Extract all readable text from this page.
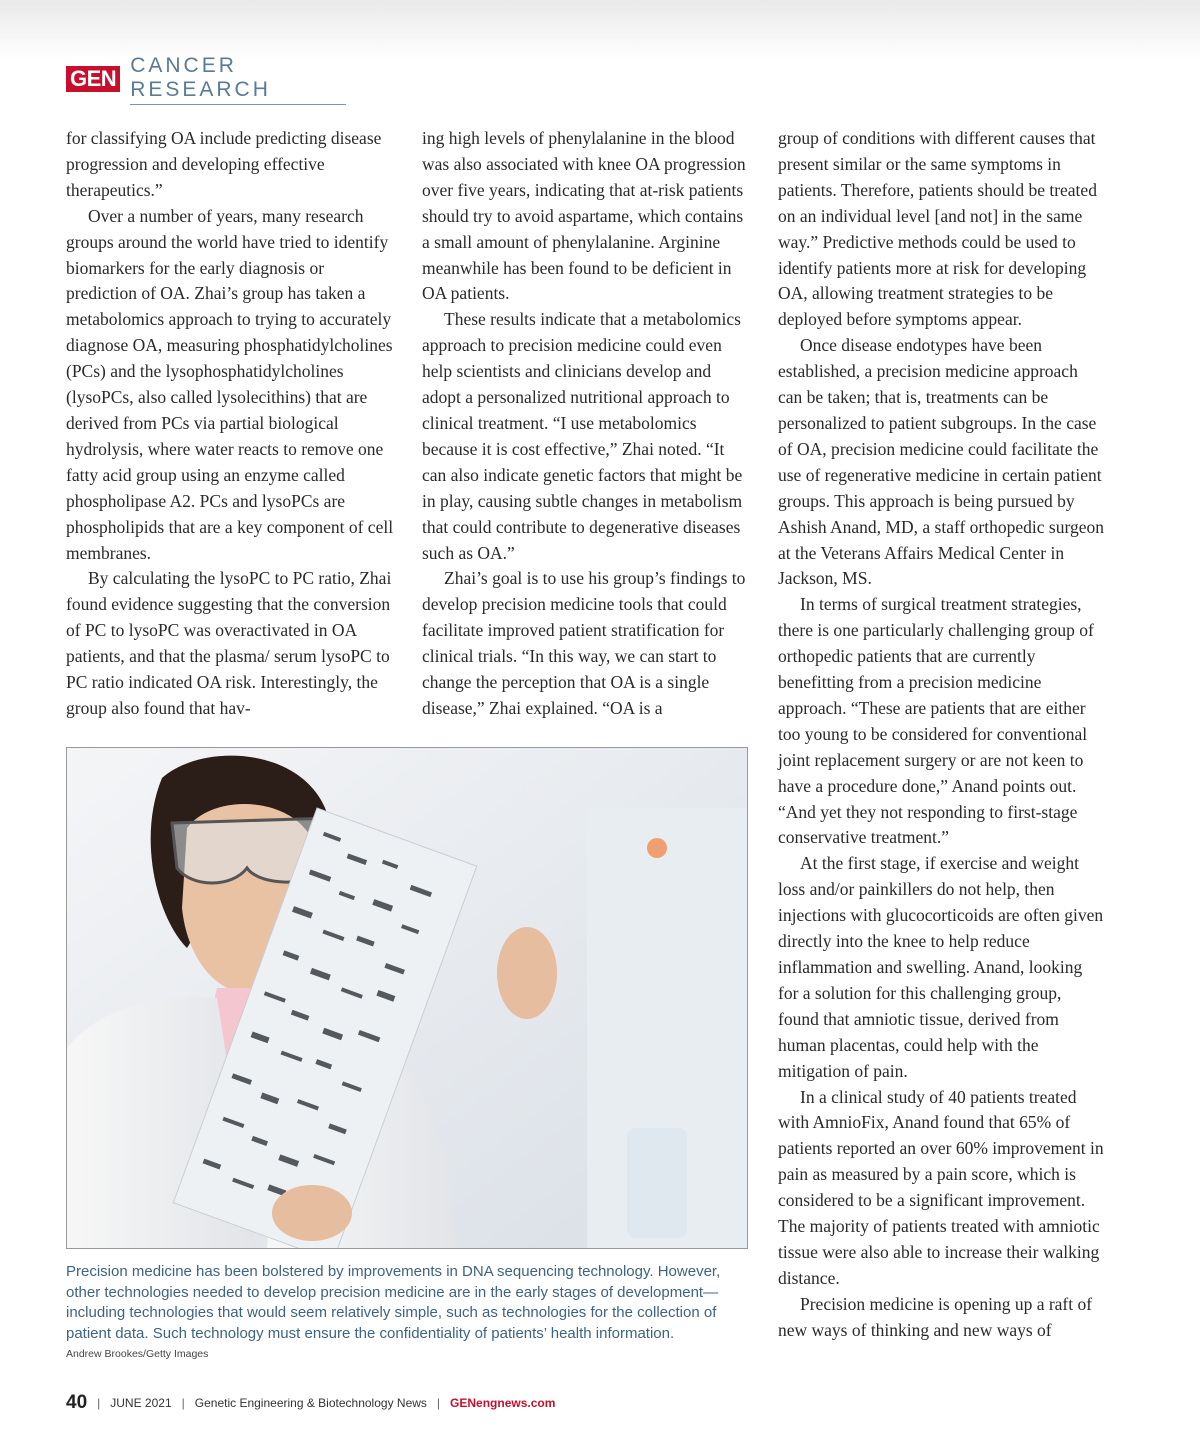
GEN
CANCER RESEARCH

for classifying OA include predicting disease progression and developing effective therapeutics.”

Over a number of years, many research groups around the world have tried to identify biomarkers for the early diagnosis or prediction of OA. Zhai’s group has taken a metabolomics approach to trying to accurately diagnose OA, measuring phosphatidylcholines (PCs) and the lysophosphatidylcholines (lysoPCs, also called lysolecithins) that are derived from PCs via partial biological hydrolysis, where water reacts to remove one fatty acid group using an enzyme called phospholipase A2. PCs and lysoPCs are phospholipids that are a key component of cell membranes.

By calculating the lysoPC to PC ratio, Zhai found evidence suggesting that the conversion of PC to lysoPC was overactivated in OA patients, and that the plasma/ serum lysoPC to PC ratio indicated OA risk. Interestingly, the group also found that hav-

ing high levels of phenylalanine in the blood was also associated with knee OA progression over five years, indicating that at-risk patients should try to avoid aspartame, which contains a small amount of phenylalanine. Arginine meanwhile has been found to be deficient in OA patients.

These results indicate that a metabolomics approach to precision medicine could even help scientists and clinicians develop and adopt a personalized nutritional approach to clinical treatment. “I use metabolomics because it is cost effective,” Zhai noted. “It can also indicate genetic factors that might be in play, causing subtle changes in metabolism that could contribute to degenerative diseases such as OA.”

Zhai’s goal is to use his group’s findings to develop precision medicine tools that could facilitate improved patient stratification for clinical trials. “In this way, we can start to change the perception that OA is a single disease,” Zhai explained. “OA is a

group of conditions with different causes that present similar or the same symptoms in patients. Therefore, patients should be treated on an individual level [and not] in the same way.” Predictive methods could be used to identify patients more at risk for developing OA, allowing treatment strategies to be deployed before symptoms appear.

Once disease endotypes have been established, a precision medicine approach can be taken; that is, treatments can be personalized to patient subgroups. In the case of OA, precision medicine could facilitate the use of regenerative medicine in certain patient groups. This approach is being pursued by Ashish Anand, MD, a staff orthopedic surgeon at the Veterans Affairs Medical Center in Jackson, MS.

In terms of surgical treatment strategies, there is one particularly challenging group of orthopedic patients that are currently benefitting from a precision medicine approach. “These are patients that are either too young to be considered for conventional joint replacement surgery or are not keen to have a procedure done,” Anand points out. “And yet they not responding to first-stage conservative treatment.”

At the first stage, if exercise and weight loss and/or painkillers do not help, then injections with glucocorticoids are often given directly into the knee to help reduce inflammation and swelling. Anand, looking for a solution for this challenging group, found that amniotic tissue, derived from human placentas, could help with the mitigation of pain.

In a clinical study of 40 patients treated with AmnioFix, Anand found that 65% of patients reported an over 60% improvement in pain as measured by a pain score, which is considered to be a significant improvement. The majority of patients treated with amniotic tissue were also able to increase their walking distance.

Precision medicine is opening up a raft of new ways of thinking and new ways of

Precision medicine has been bolstered by improvements in DNA sequencing technology. However, other technologies needed to develop precision medicine are in the early stages of development—including technologies that would seem relatively simple, such as technologies for the collection of patient data. Such technology must ensure the confidentiality of patients’ health information.
Andrew Brookes/Getty Images
40 | JUNE 2021 | Genetic Engineering & Biotechnology News | GENengnews.com
